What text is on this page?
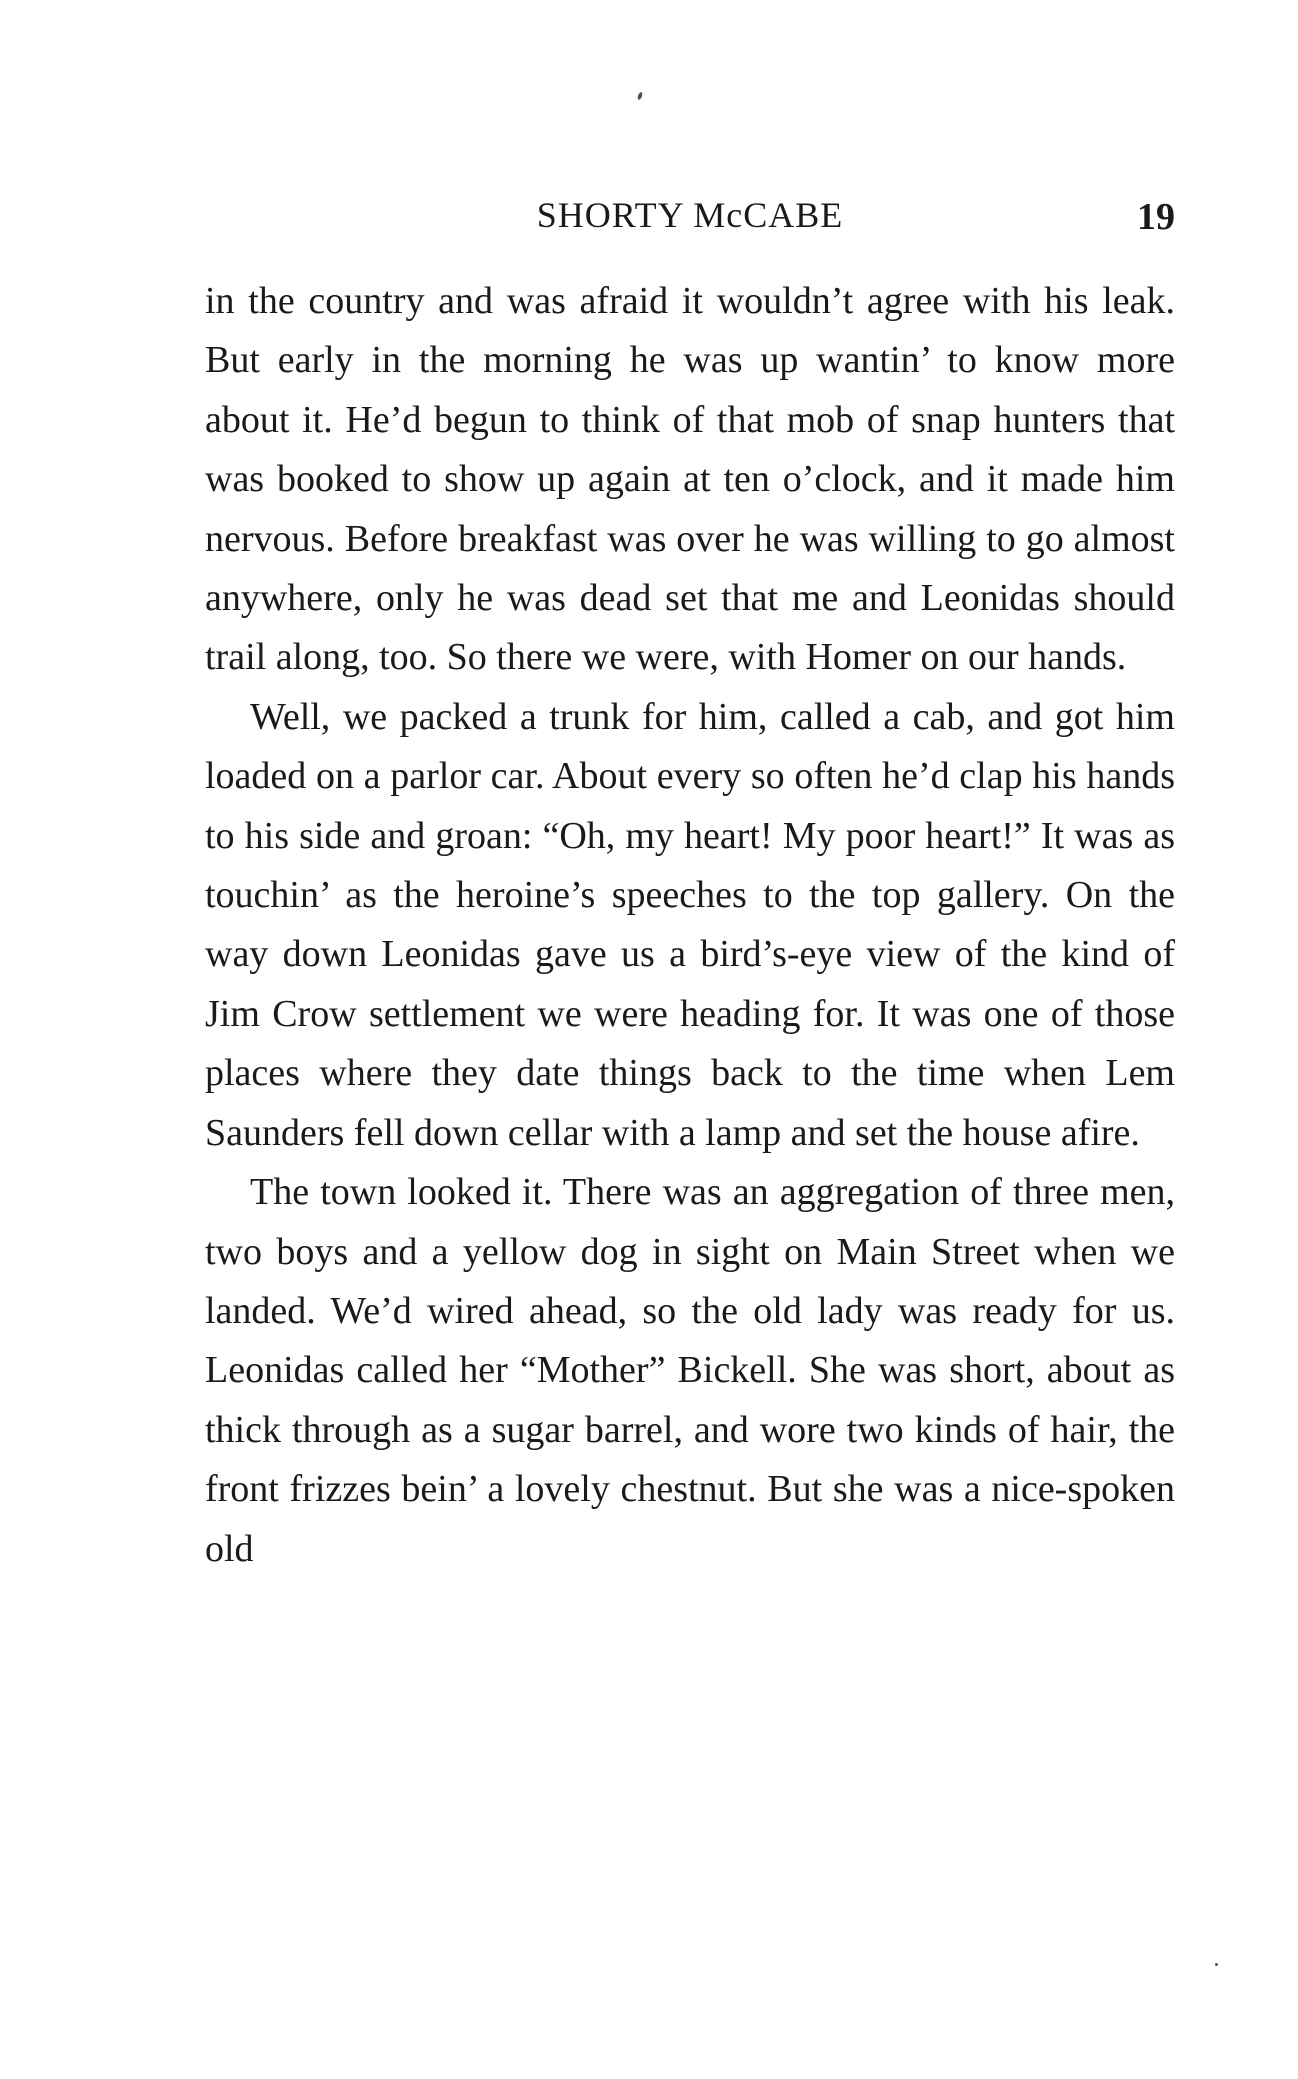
SHORTY McCABE	19

in the country and was afraid it wouldn’t agree with his leak. But early in the morning he was up wantin’ to know more about it. He’d begun to think of that mob of snap hunters that was booked to show up again at ten o’clock, and it made him nervous. Before breakfast was over he was willing to go almost anywhere, only he was dead set that me and Leonidas should trail along, too. So there we were, with Homer on our hands.

Well, we packed a trunk for him, called a cab, and got him loaded on a parlor car. About every so often he’d clap his hands to his side and groan: “Oh, my heart! My poor heart!” It was as touchin’ as the heroine’s speeches to the top gallery. On the way down Leonidas gave us a bird’s-eye view of the kind of Jim Crow settlement we were heading for. It was one of those places where they date things back to the time when Lem Saunders fell down cellar with a lamp and set the house afire.

The town looked it. There was an aggregation of three men, two boys and a yellow dog in sight on Main Street when we landed. We’d wired ahead, so the old lady was ready for us. Leonidas called her “Mother” Bickell. She was short, about as thick through as a sugar barrel, and wore two kinds of hair, the front frizzes bein’ a lovely chestnut. But she was a nice-spoken old
